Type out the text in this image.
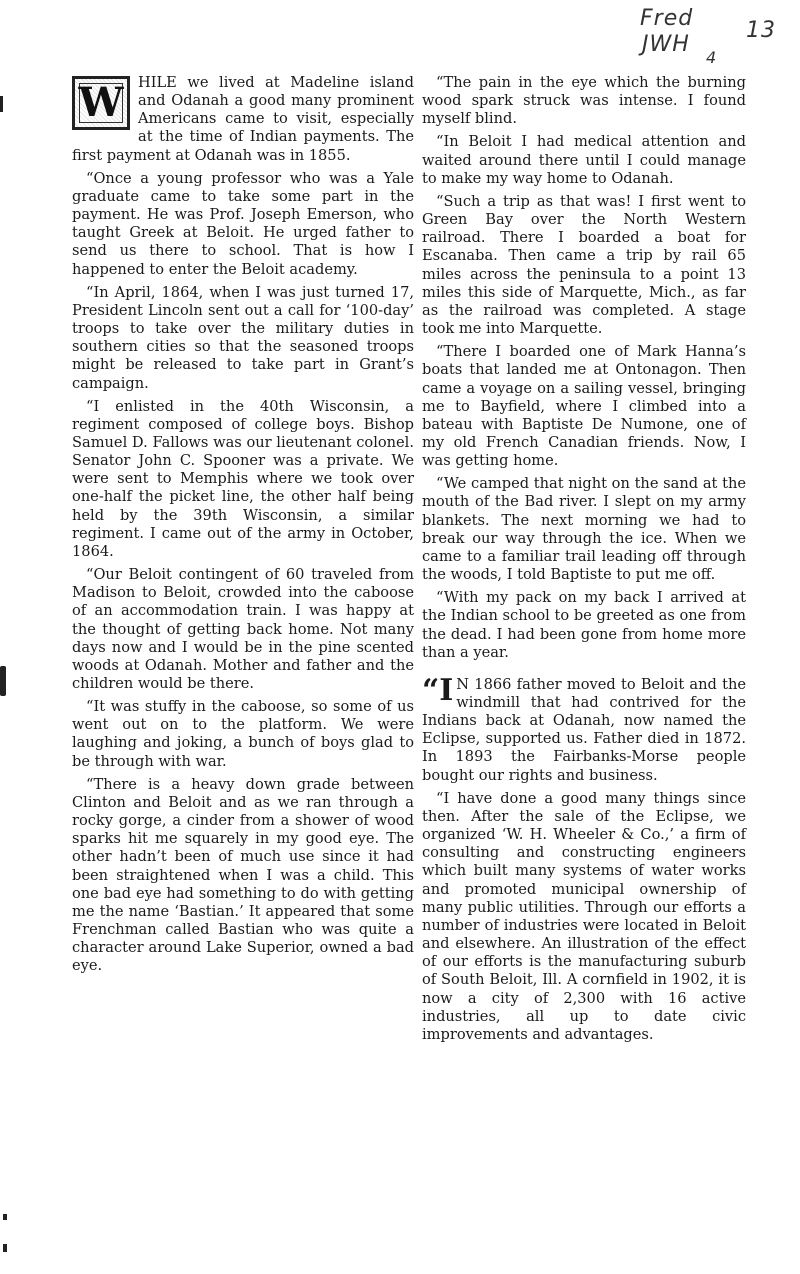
Fred
JWH
13
4
W HILE we lived at Madeline island and Odanah a good many prominent Americans came to visit, especially at the time of Indian payments. The first payment at Odanah was in 1855.

“Once a young professor who was a Yale graduate came to take some part in the payment. He was Prof. Joseph Emerson, who taught Greek at Beloit. He urged father to send us there to school. That is how I happened to enter the Beloit academy.

“In April, 1864, when I was just turned 17, President Lincoln sent out a call for ‘100-day’ troops to take over the military duties in southern cities so that the seasoned troops might be released to take part in Grant’s campaign.

“I enlisted in the 40th Wisconsin, a regiment composed of college boys. Bishop Samuel D. Fallows was our lieutenant colonel. Senator John C. Spooner was a private. We were sent to Memphis where we took over one-half the picket line, the other half being held by the 39th Wisconsin, a similar regiment. I came out of the army in October, 1864.

“Our Beloit contingent of 60 traveled from Madison to Beloit, crowded into the caboose of an accommodation train. I was happy at the thought of getting back home. Not many days now and I would be in the pine scented woods at Odanah. Mother and father and the children would be there.

“It was stuffy in the caboose, so some of us went out on to the platform. We were laughing and joking, a bunch of boys glad to be through with war.

“There is a heavy down grade between Clinton and Beloit and as we ran through a rocky gorge, a cinder from a shower of wood sparks hit me squarely in my good eye. The other hadn’t been of much use since it had been straightened when I was a child. This one bad eye had something to do with getting me the name ‘Bastian.’ It appeared that some Frenchman called Bastian who was quite a character around Lake Superior, owned a bad eye.

“The pain in the eye which the burning wood spark struck was intense. I found myself blind.

“In Beloit I had medical attention and waited around there until I could manage to make my way home to Odanah.

“Such a trip as that was! I first went to Green Bay over the North Western railroad. There I boarded a boat for Escanaba. Then came a trip by rail 65 miles across the peninsula to a point 13 miles this side of Marquette, Mich., as far as the railroad was completed. A stage took me into Marquette.

“There I boarded one of Mark Hanna’s boats that landed me at Ontonagon. Then came a voyage on a sailing vessel, bringing me to Bayfield, where I climbed into a bateau with Baptiste De Numone, one of my old French Canadian friends. Now, I was getting home.

“We camped that night on the sand at the mouth of the Bad river. I slept on my army blankets. The next morning we had to break our way through the ice. When we came to a familiar trail leading off through the woods, I told Baptiste to put me off.

“With my pack on my back I arrived at the Indian school to be greeted as one from the dead. I had been gone from home more than a year.

“I N 1866 father moved to Beloit and the windmill that had contrived for the Indians back at Odanah, now named the Eclipse, supported us. Father died in 1872. In 1893 the Fairbanks-Morse people bought our rights and business.

“I have done a good many things since then. After the sale of the Eclipse, we organized ‘W. H. Wheeler & Co.,’ a firm of consulting and constructing engineers which built many systems of water works and promoted municipal ownership of many public utilities. Through our efforts a number of industries were located in Beloit and elsewhere. An illustration of the effect of our efforts is the manufacturing suburb of South Beloit, Ill. A cornfield in 1902, it is now a city of 2,300 with 16 active industries, all up to date civic improvements and advantages.
